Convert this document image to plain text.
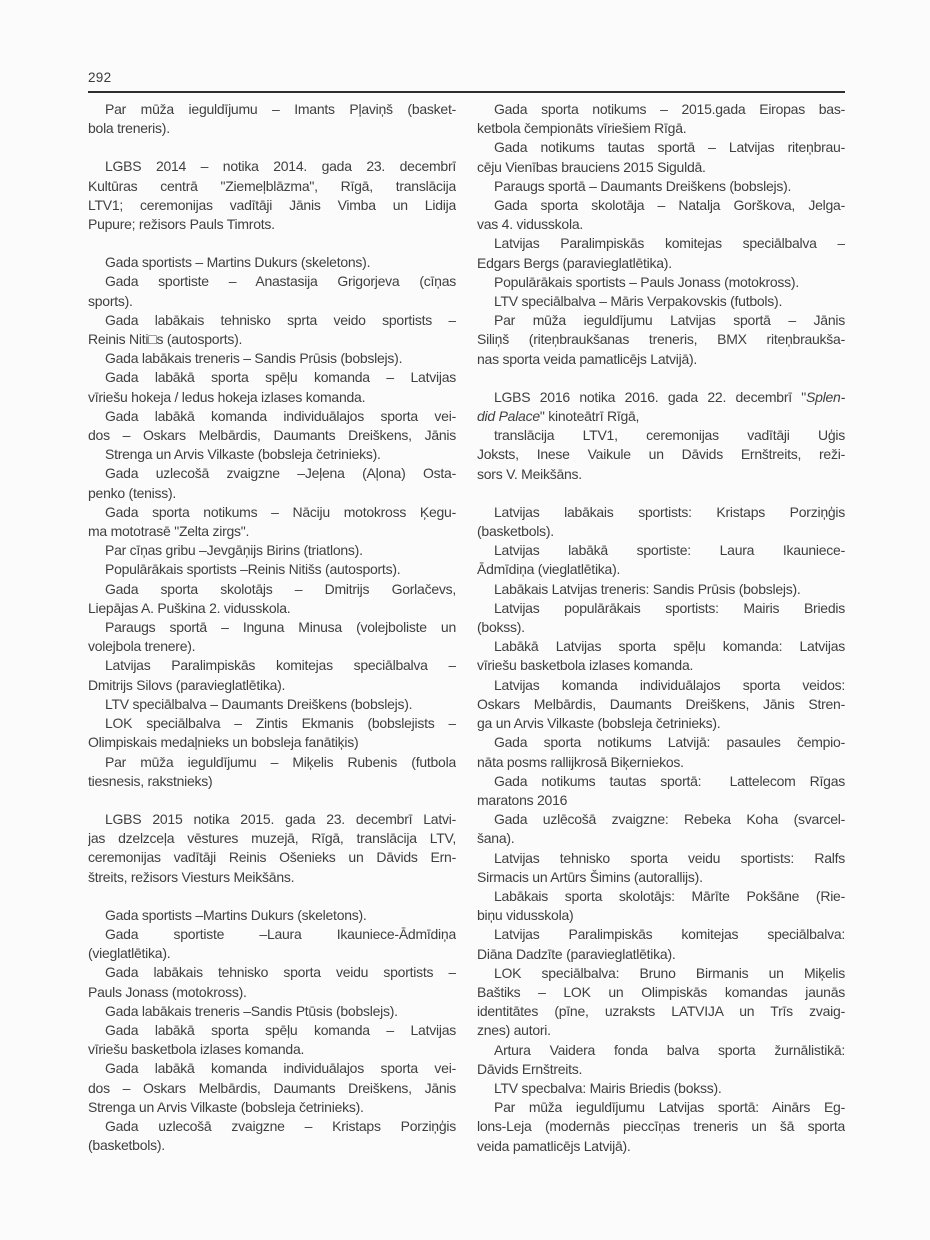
292
Par mūža ieguldījumu – Imants Pļaviņš (basket-
bola treneris).
LGBS 2014 – notika 2014. gada 23. decembrī
Kultūras centrā "Ziemeļblāzma", Rīgā, translācija
LTV1; ceremonijas vadītāji Jānis Vimba un Lidija
Pupure; režisors Pauls Timrots.
Gada sportists – Martins Dukurs (skeletons).
Gada sportiste – Anastasija Grigorjeva (cīņas
sports).
Gada labākais tehnisko sprta veido sportists –
Reinis Niti□s (autosports).
Gada labākais treneris – Sandis Prūsis (bobslejs).
Gada labākā sporta spēļu komanda – Latvijas
vīriešu hokeja / ledus hokeja izlases komanda.
Gada labākā komanda individuālajos sporta vei-
dos – Oskars Melbārdis, Daumants Dreiškens, Jānis
Strenga un Arvis Vilkaste (bobsleja četrinieks).
Gada uzlecošā zvaigzne –Jeļena (Aļona) Osta-
penko (teniss).
Gada sporta notikums – Nāciju motokross Ķegu-
ma mototrasē "Zelta zirgs".
Par cīņas gribu –Jevgāņijs Birins (triatlons).
Populārākais sportists –Reinis Nitišs (autosports).
Gada sporta skolotājs – Dmitrijs Gorlačevs,
Liepājas A. Puškina 2. vidusskola.
Paraugs sportā – Inguna Minusa (volejboliste un
volejbola trenere).
Latvijas Paralimpiskās komitejas speciālbalva –
Dmitrijs Silovs (paravieglatlētika).
LTV speciālbalva – Daumants Dreiškens (bobslejs).
LOK speciālbalva – Zintis Ekmanis (bobslejists –
Olimpiskais medaļnieks un bobsleja fanātiķis)
Par mūža ieguldījumu – Miķelis Rubenis (futbola
tiesnesis, rakstnieks)
LGBS 2015 notika 2015. gada 23. decembrī Latvi-
jas dzelzceļa vēstures muzejā, Rīgā, translācija LTV,
ceremonijas vadītāji Reinis Ošenieks un Dāvids Ern-
štreits, režisors Viesturs Meikšāns.
Gada sportists –Martins Dukurs (skeletons).
Gada sportiste –Laura Ikauniece-Ādmīdiņa
(vieglatlētika).
Gada labākais tehnisko sporta veidu sportists –
Pauls Jonass (motokross).
Gada labākais treneris –Sandis Ptūsis (bobslejs).
Gada labākā sporta spēļu komanda – Latvijas
vīriešu basketbola izlases komanda.
Gada labākā komanda individuālajos sporta vei-
dos – Oskars Melbārdis, Daumants Dreiškens, Jānis
Strenga un Arvis Vilkaste (bobsleja četrinieks).
Gada uzlecošā zvaigzne – Kristaps Porziņģis
(basketbols).
Gada sporta notikums – 2015.gada Eiropas bas-
ketbola čempionāts vīriešiem Rīgā.
Gada notikums tautas sportā – Latvijas riteņbrau-
cēju Vienības brauciens 2015 Siguldā.
Paraugs sportā – Daumants Dreiškens (bobslejs).
Gada sporta skolotāja – Natalja Gorškova, Jelga-
vas 4. vidusskola.
Latvijas Paralimpiskās komitejas speciālbalva –
Edgars Bergs (paravieglatlētika).
Populārākais sportists – Pauls Jonass (motokross).
LTV speciālbalva – Māris Verpakovskis (futbols).
Par mūža ieguldījumu Latvijas sportā – Jānis
Siliņš (riteņbraukšanas treneris, BMX riteņbraukša-
nas sporta veida pamatlicējs Latvijā).
LGBS 2016 notika 2016. gada 22. decembrī "Splen-
did Palace" kinoteātrī Rīgā,
translācija LTV1, ceremonijas vadītāji Uģis
Joksts, Inese Vaikule un Dāvids Ernštreits, reži-
sors V. Meikšāns.
Latvijas labākais sportists: Kristaps Porziņģis
(basketbols).
Latvijas labākā sportiste: Laura Ikauniece-
Ādmīdiņa (vieglatlētika).
Labākais Latvijas treneris: Sandis Prūsis (bobslejs).
Latvijas populārākais sportists: Mairis Briedis
(bokss).
Labākā Latvijas sporta spēļu komanda: Latvijas
vīriešu basketbola izlases komanda.
Latvijas komanda individuālajos sporta veidos:
Oskars Melbārdis, Daumants Dreiškens, Jānis Stren-
ga un Arvis Vilkaste (bobsleja četrinieks).
Gada sporta notikums Latvijā: pasaules čempio-
nāta posms rallijkrosā Biķerniekos.
Gada notikums tautas sportā:  Lattelecom Rīgas
maratons 2016
Gada uzlēcošā zvaigzne: Rebeka Koha (svarcel-
šana).
Latvijas tehnisko sporta veidu sportists: Ralfs
Sirmacis un Artūrs Šimins (autorallijs).
Labākais sporta skolotājs: Mārīte Pokšāne (Rie-
biņu vidusskola)
Latvijas Paralimpiskās komitejas speciālbalva:
Diāna Dadzīte (paravieglatlētika).
LOK speciālbalva: Bruno Birmanis un Miķelis
Baštiks – LOK un Olimpiskās komandas jaunās
identitātes (pīne, uzraksts LATVIJA un Trīs zvaig-
znes) autori.
Artura Vaidera fonda balva sporta žurnālistikā:
Dāvids Ernštreits.
LTV specbalva: Mairis Briedis (bokss).
Par mūža ieguldījumu Latvijas sportā: Ainārs Eg-
lons-Leja (modernās pieccīņas treneris un šā sporta
veida pamatlicējs Latvijā).
